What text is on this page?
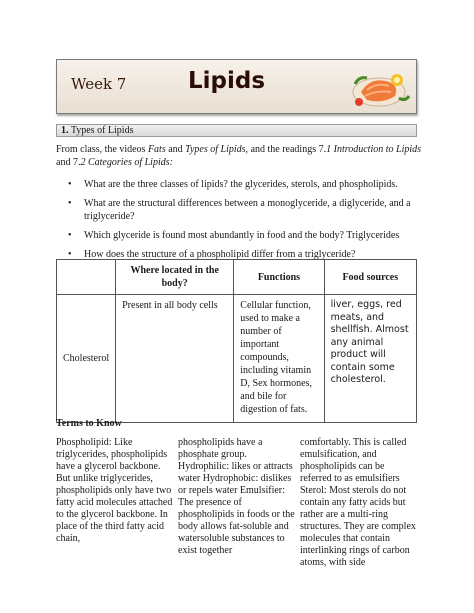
Week 7	Lipids
1. Types of Lipids
From class, the videos Fats and Types of Lipids, and the readings 7.1 Introduction to Lipids and 7.2 Categories of Lipids:
• What are the three classes of lipids? the glycerides, sterols, and phospholipids.
• What are the structural differences between a monoglyceride, a diglyceride, and a triglyceride?
• Which glyceride is found most abundantly in food and the body? Triglycerides
• How does the structure of a phospholipid differ from a triglyceride?
	Where located in the body?	Functions	Food sources
Cholesterol	Present in all body cells	Cellular function, used to make a number of important compounds, including vitamin D, Sex hormones, and bile for digestion of fats.	liver, eggs, red meats, and shellfish. Almost any animal product will contain some cholesterol.
Terms to Know
Phospholipid: Like triglycerides, phospholipids have a glycerol backbone. But unlike triglycerides, phospholipids only have two fatty acid molecules attached to the glycerol backbone. In place of the third fatty acid chain,
phospholipids have a phosphate group. Hydrophilic: likes or attracts water Hydrophobic: dislikes or repels water Emulsifier: The presence of phospholipids in foods or the body allows fat-soluble and watersoluble substances to exist together
comfortably. This is called emulsification, and phospholipids can be referred to as emulsifiers Sterol: Most sterols do not contain any fatty acids but rather are a multi-ring structures. They are complex molecules that contain interlinking rings of carbon atoms, with side
